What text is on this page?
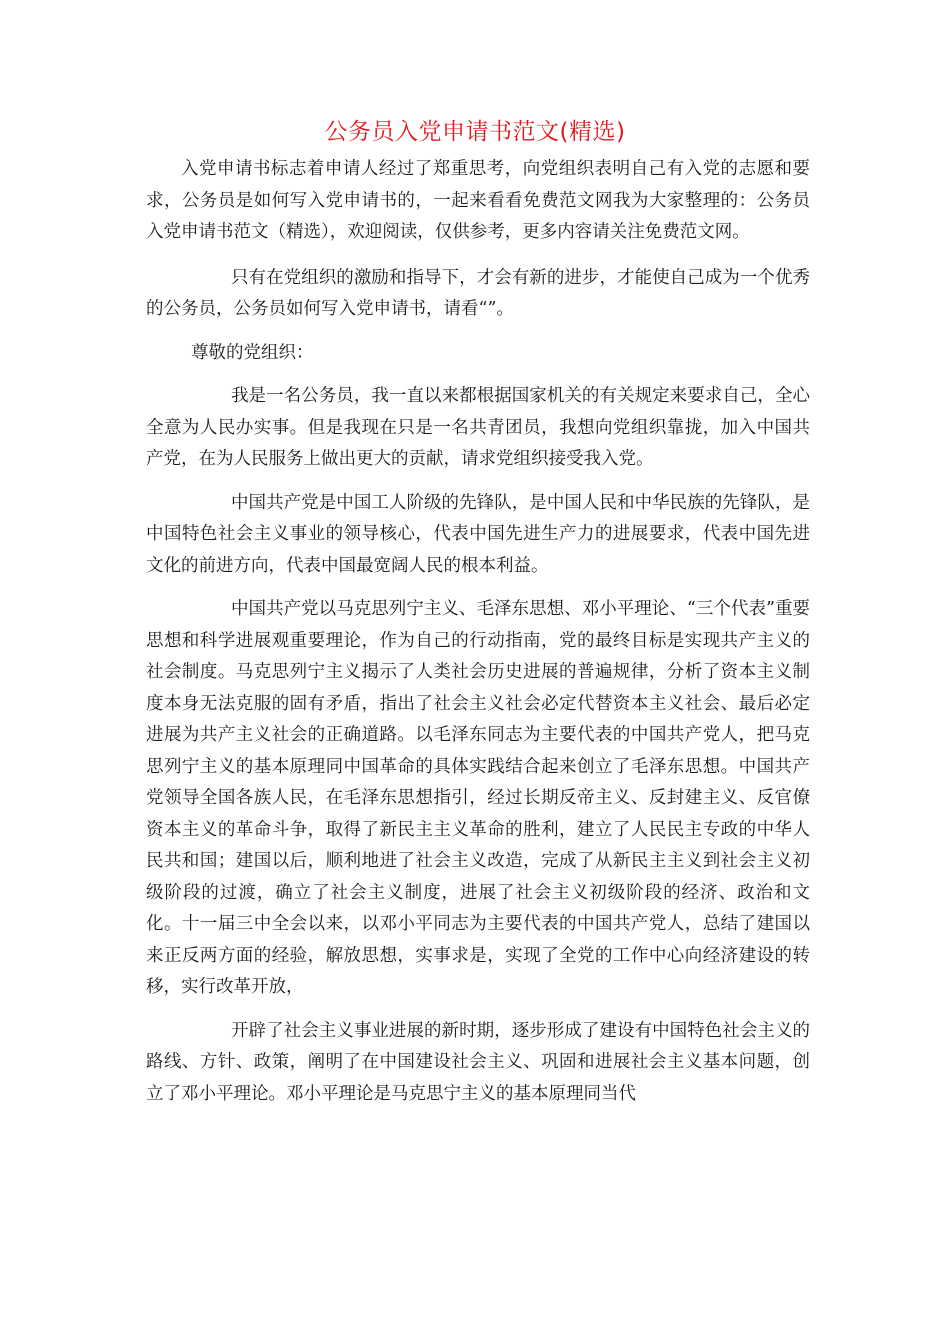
公务员入党申请书范文(精选)

入党申请书标志着申请人经过了郑重思考，向党组织表明自己有入党的志愿和要求，公务员是如何写入党申请书的，一起来看看免费范文网我为大家整理的：公务员入党申请书范文（精选），欢迎阅读，仅供参考，更多内容请关注免费范文网。

只有在党组织的激励和指导下，才会有新的进步，才能使自己成为一个优秀的公务员，公务员如何写入党申请书，请看“”。

尊敬的党组织：

我是一名公务员，我一直以来都根据国家机关的有关规定来要求自己，全心全意为人民办实事。但是我现在只是一名共青团员，我想向党组织靠拢，加入中国共产党，在为人民服务上做出更大的贡献，请求党组织接受我入党。

中国共产党是中国工人阶级的先锋队，是中国人民和中华民族的先锋队，是中国特色社会主义事业的领导核心，代表中国先进生产力的进展要求，代表中国先进文化的前进方向，代表中国最宽阔人民的根本利益。

中国共产党以马克思列宁主义、毛泽东思想、邓小平理论、“三个代表”重要思想和科学进展观重要理论，作为自己的行动指南，党的最终目标是实现共产主义的社会制度。马克思列宁主义揭示了人类社会历史进展的普遍规律，分析了资本主义制度本身无法克服的固有矛盾，指出了社会主义社会必定代替资本主义社会、最后必定进展为共产主义社会的正确道路。以毛泽东同志为主要代表的中国共产党人，把马克思列宁主义的基本原理同中国革命的具体实践结合起来创立了毛泽东思想。中国共产党领导全国各族人民，在毛泽东思想指引，经过长期反帝主义、反封建主义、反官僚资本主义的革命斗争，取得了新民主主义革命的胜利，建立了人民民主专政的中华人民共和国；建国以后，顺利地进了社会主义改造，完成了从新民主主义到社会主义初级阶段的过渡，确立了社会主义制度，进展了社会主义初级阶段的经济、政治和文化。十一届三中全会以来，以邓小平同志为主要代表的中国共产党人，总结了建国以来正反两方面的经验，解放思想，实事求是，实现了全党的工作中心向经济建设的转移，实行改革开放，

开辟了社会主义事业进展的新时期，逐步形成了建设有中国特色社会主义的路线、方针、政策，阐明了在中国建设社会主义、巩固和进展社会主义基本问题，创立了邓小平理论。邓小平理论是马克思宁主义的基本原理同当代
